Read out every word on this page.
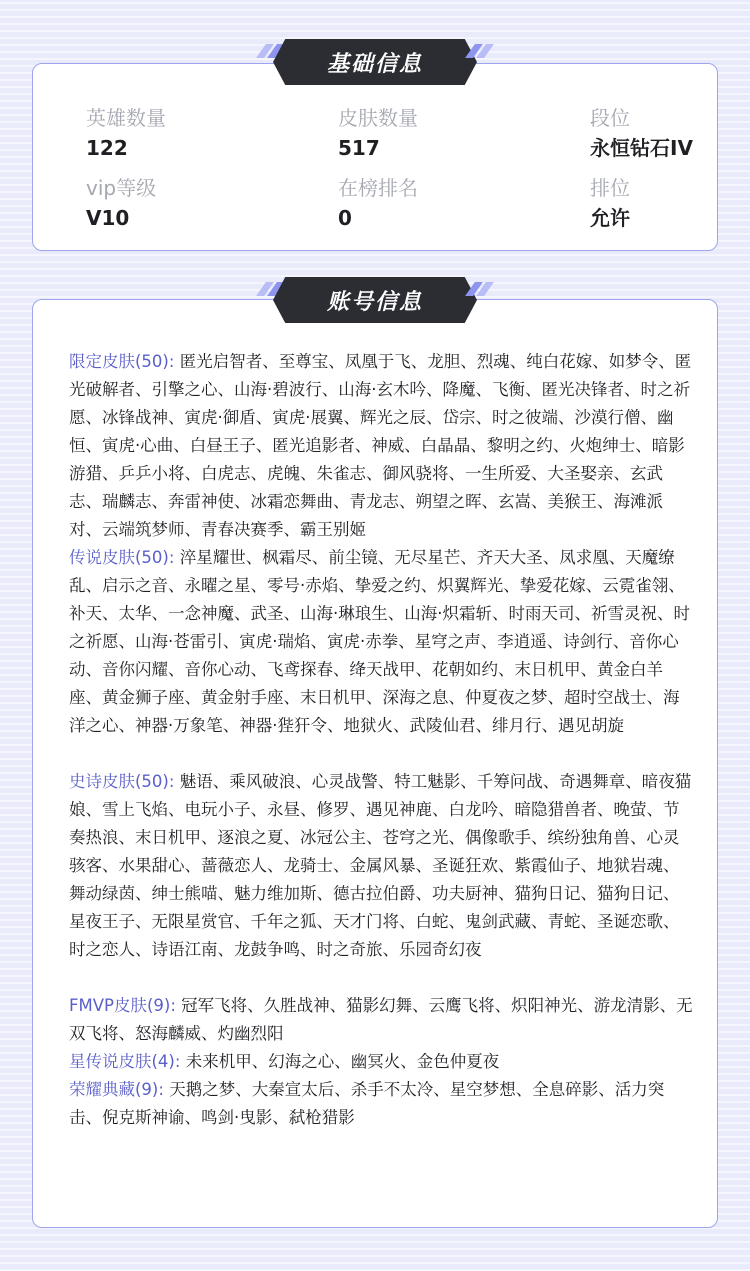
英雄数量
122
皮肤数量
517
段位
永恒钻石IV
vip等级
V10
在榜排名
0
排位
允许
基础信息
限定皮肤(50): 匿光启智者、至尊宝、凤凰于飞、龙胆、烈魂、纯白花嫁、如梦令、匿光破解者、引擎之心、山海·碧波行、山海·玄木吟、降魔、飞衡、匿光决锋者、时之祈愿、冰锋战神、寅虎·御盾、寅虎·展翼、辉光之辰、岱宗、时之彼端、沙漠行僧、幽恒、寅虎·心曲、白昼王子、匿光追影者、神威、白晶晶、黎明之约、火炮绅士、暗影游猎、乒乒小将、白虎志、虎魄、朱雀志、御风骁将、一生所爱、大圣娶亲、玄武志、瑞麟志、奔雷神使、冰霜恋舞曲、青龙志、朔望之晖、玄嵩、美猴王、海滩派对、云端筑梦师、青春决赛季、霸王别姬
传说皮肤(50): 淬星耀世、枫霜尽、前尘镜、无尽星芒、齐天大圣、凤求凰、天魔缭乱、启示之音、永曜之星、零号·赤焰、挚爱之约、炽翼辉光、挚爱花嫁、云霓雀翎、补天、太华、一念神魔、武圣、山海·琳琅生、山海·炽霜斩、时雨天司、祈雪灵祝、时之祈愿、山海·苍雷引、寅虎·瑞焰、寅虎·赤拳、星穹之声、李逍遥、诗剑行、音你心动、音你闪耀、音你心动、飞鸢探春、绛天战甲、花朝如约、末日机甲、黄金白羊座、黄金狮子座、黄金射手座、末日机甲、深海之息、仲夏夜之梦、超时空战士、海洋之心、神器·万象笔、神器·狴犴令、地狱火、武陵仙君、绯月行、遇见胡旋
史诗皮肤(50): 魅语、乘风破浪、心灵战警、特工魅影、千筹问战、奇遇舞章、暗夜猫娘、雪上飞焰、电玩小子、永昼、修罗、遇见神鹿、白龙吟、暗隐猎兽者、晚萤、节奏热浪、末日机甲、逐浪之夏、冰冠公主、苍穹之光、偶像歌手、缤纷独角兽、心灵骇客、水果甜心、蔷薇恋人、龙骑士、金属风暴、圣诞狂欢、紫霞仙子、地狱岩魂、舞动绿茵、绅士熊喵、魅力维加斯、德古拉伯爵、功夫厨神、猫狗日记、猫狗日记、星夜王子、无限星赏官、千年之狐、天才门将、白蛇、鬼剑武藏、青蛇、圣诞恋歌、时之恋人、诗语江南、龙鼓争鸣、时之奇旅、乐园奇幻夜
FMVP皮肤(9): 冠军飞将、久胜战神、猫影幻舞、云鹰飞将、炽阳神光、游龙清影、无双飞将、怒海麟威、灼幽烈阳
星传说皮肤(4): 未来机甲、幻海之心、幽冥火、金色仲夏夜
荣耀典藏(9): 天鹅之梦、大秦宣太后、杀手不太冷、星空梦想、全息碎影、活力突击、倪克斯神谕、鸣剑·曳影、弑枪猎影
账号信息
